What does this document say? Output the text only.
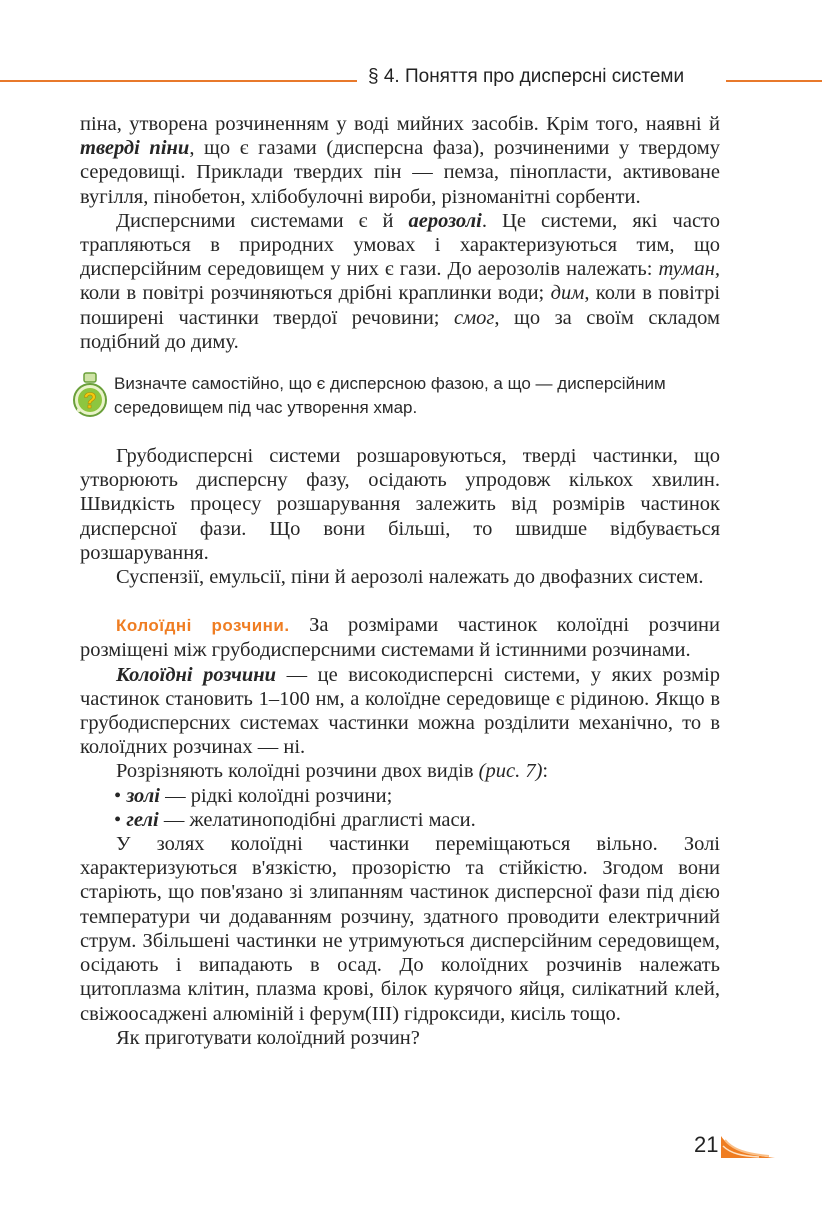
§ 4. Поняття про дисперсні системи

піна, утворена розчиненням у воді мийних засобів. Крім того, наявні й тверді піни, що є газами (дисперсна фаза), розчиненими у твердому середовищі. Приклади твердих пін — пемза, пінопласти, активоване вугілля, пінобетон, хлібобулочні вироби, різноманітні сорбенти.

Дисперсними системами є й аерозолі. Це системи, які часто трапляються в природних умовах і характеризуються тим, що дисперсійним середовищем у них є гази. До аерозолів належать: туман, коли в повітрі розчиняються дрібні краплинки води; дим, коли в повітрі поширені частинки твердої речовини; смог, що за своїм складом подібний до диму.

?
Визначте самостійно, що є дисперсною фазою, а що — дисперсійним середовищем під час утворення хмар.

Грубодисперсні системи розшаровуються, тверді частинки, що утворюють дисперсну фазу, осідають упродовж кількох хвилин. Швидкість процесу розшарування залежить від розмірів частинок дисперсної фази. Що вони більші, то швидше відбувається розшарування.

Суспензії, емульсії, піни й аерозолі належать до двофазних систем.

Колоїдні розчини. За розмірами частинок колоїдні розчини розміщені між грубодисперсними системами й істинними розчинами.

Колоїдні розчини — це високодисперсні системи, у яких розмір частинок становить 1–100 нм, а колоїдне середовище є рідиною. Якщо в грубодисперсних системах частинки можна розділити механічно, то в колоїдних розчинах — ні.

Розрізняють колоїдні розчини двох видів (рис. 7):

• золі — рідкі колоїдні розчини;

• гелі — желатиноподібні драглисті маси.

У золях колоїдні частинки переміщаються вільно. Золі характеризуються в'язкістю, прозорістю та стійкістю. Згодом вони старіють, що пов'язано зі злипанням частинок дисперсної фази під дією температури чи додаванням розчину, здатного проводити електричний струм. Збільшені частинки не утримуються дисперсійним середовищем, осідають і випадають в осад. До колоїдних розчинів належать цитоплазма клітин, плазма крові, білок курячого яйця, силікатний клей, свіжоосаджені алюміній і ферум(III) гідроксиди, кисіль тощо.

Як приготувати колоїдний розчин?

21
